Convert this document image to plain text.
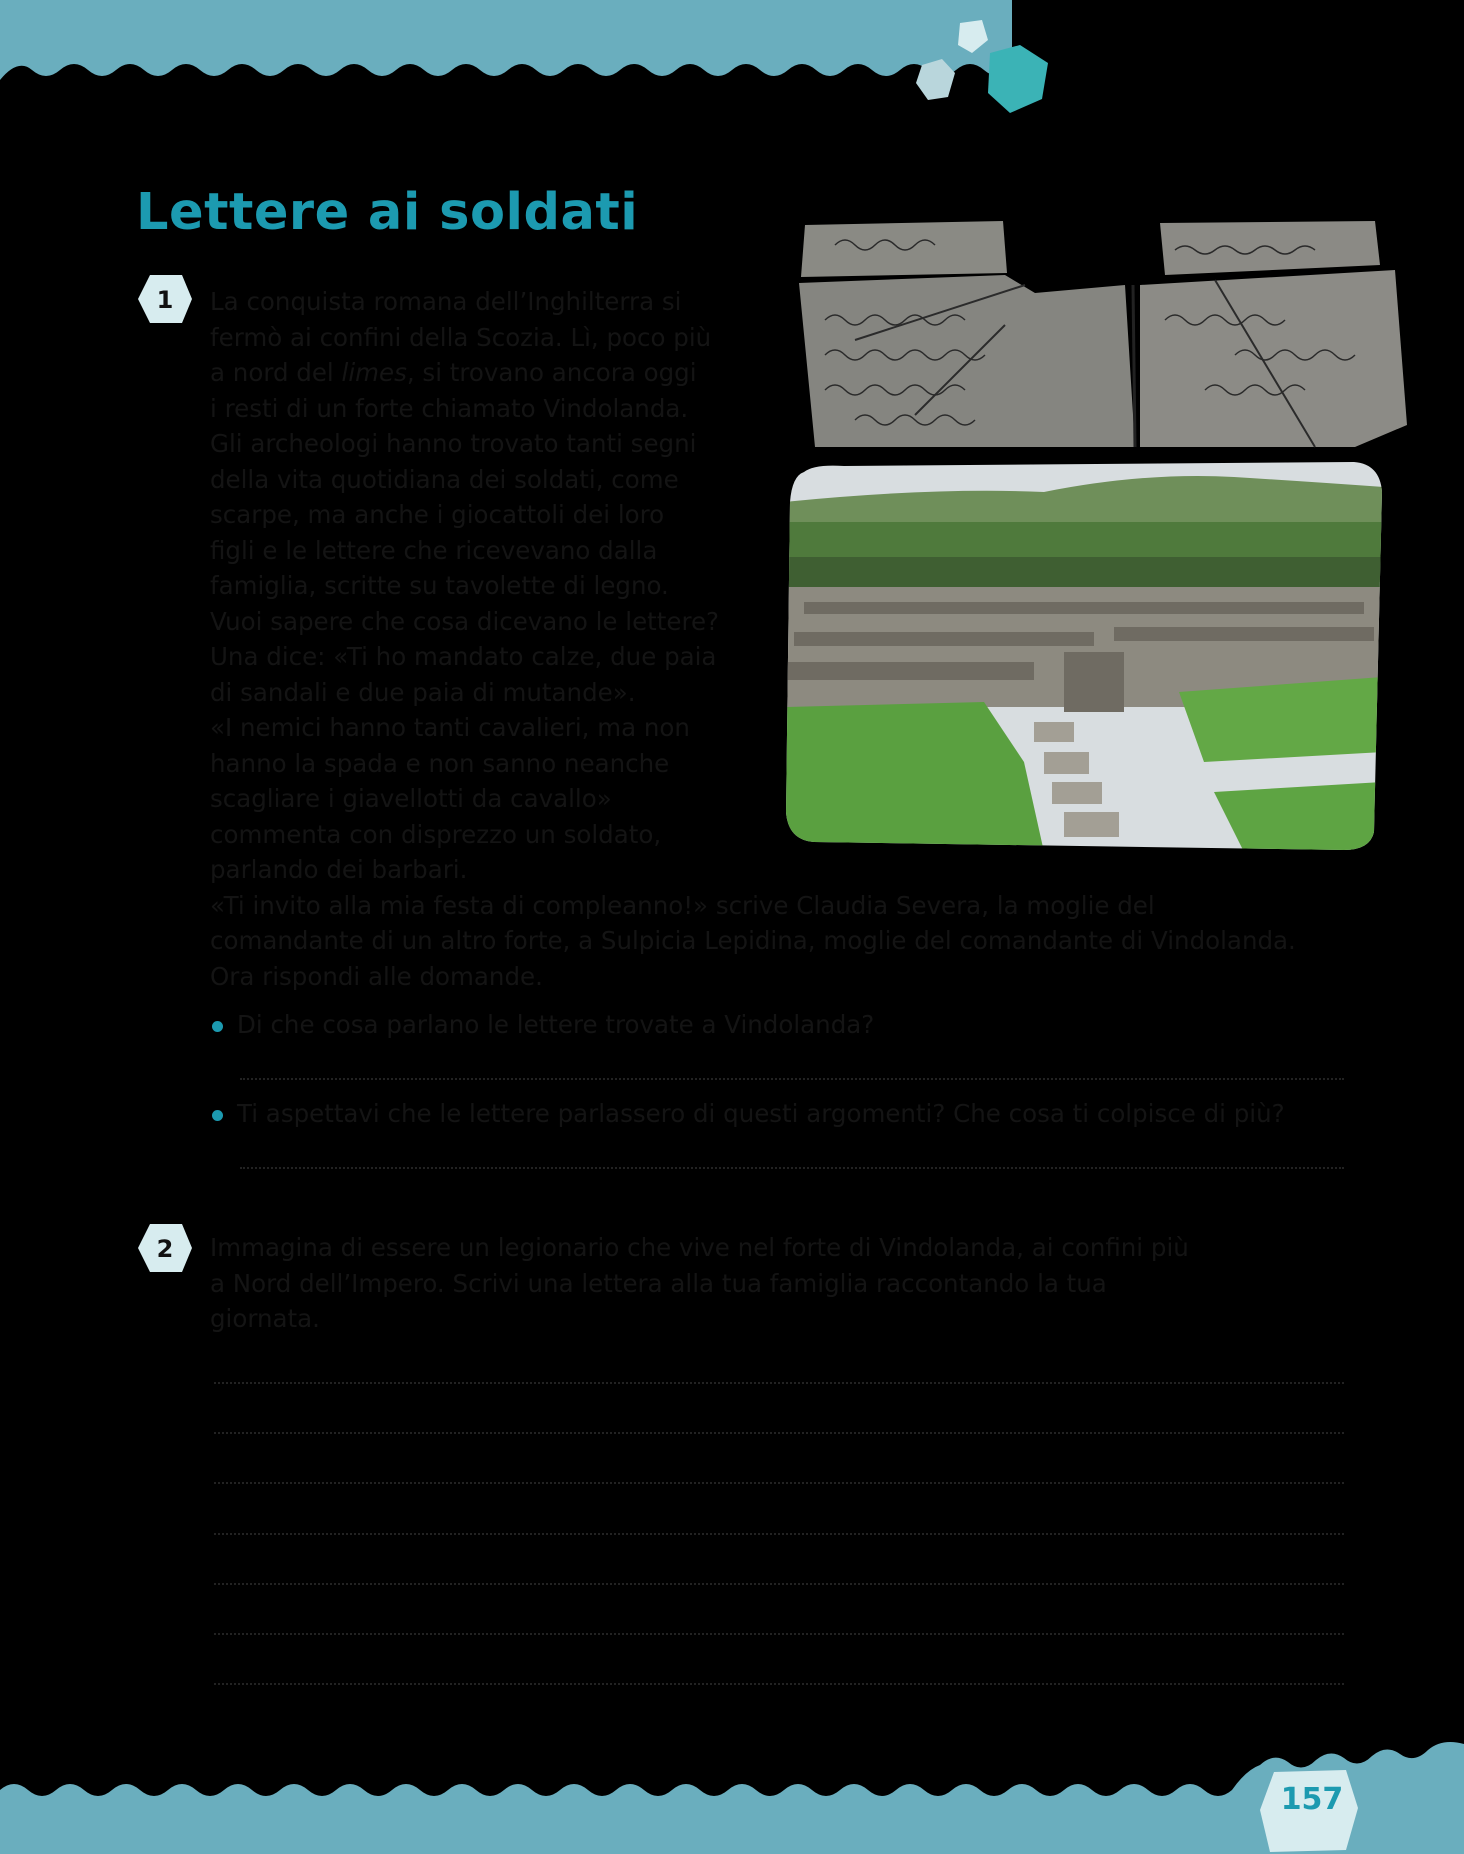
Lettere ai soldati
1 La conquista romana dell’Inghilterra si

fermò ai confini della Scozia. Lì, poco più

a nord del limes, si trovano ancora oggi

i resti di un forte chiamato Vindolanda.

Gli archeologi hanno trovato tanti segni

della vita quotidiana dei soldati, come

scarpe, ma anche i giocattoli dei loro

figli e le lettere che ricevevano dalla

famiglia, scritte su tavolette di legno.

Vuoi sapere che cosa dicevano le lettere?

Una dice: «Ti ho mandato calze, due paia

di sandali e due paia di mutande».

«I nemici hanno tanti cavalieri, ma non

hanno la spada e non sanno neanche

scagliare i giavellotti da cavallo»

commenta con disprezzo un soldato,

parlando dei barbari.

«Ti invito alla mia festa di compleanno!» scrive Claudia Severa, la moglie del

comandante di un altro forte, a Sulpicia Lepidina, moglie del comandante di Vindolanda.

Ora rispondi alle domande.

Di che cosa parlano le lettere trovate a Vindolanda?
Ti aspettavi che le lettere parlassero di questi argomenti? Che cosa ti colpisce di più?
2 Immagina di essere un legionario che vive nel forte di Vindolanda, ai confini più

a Nord dell’Impero. Scrivi una lettera alla tua famiglia raccontando la tua

giornata.

157
